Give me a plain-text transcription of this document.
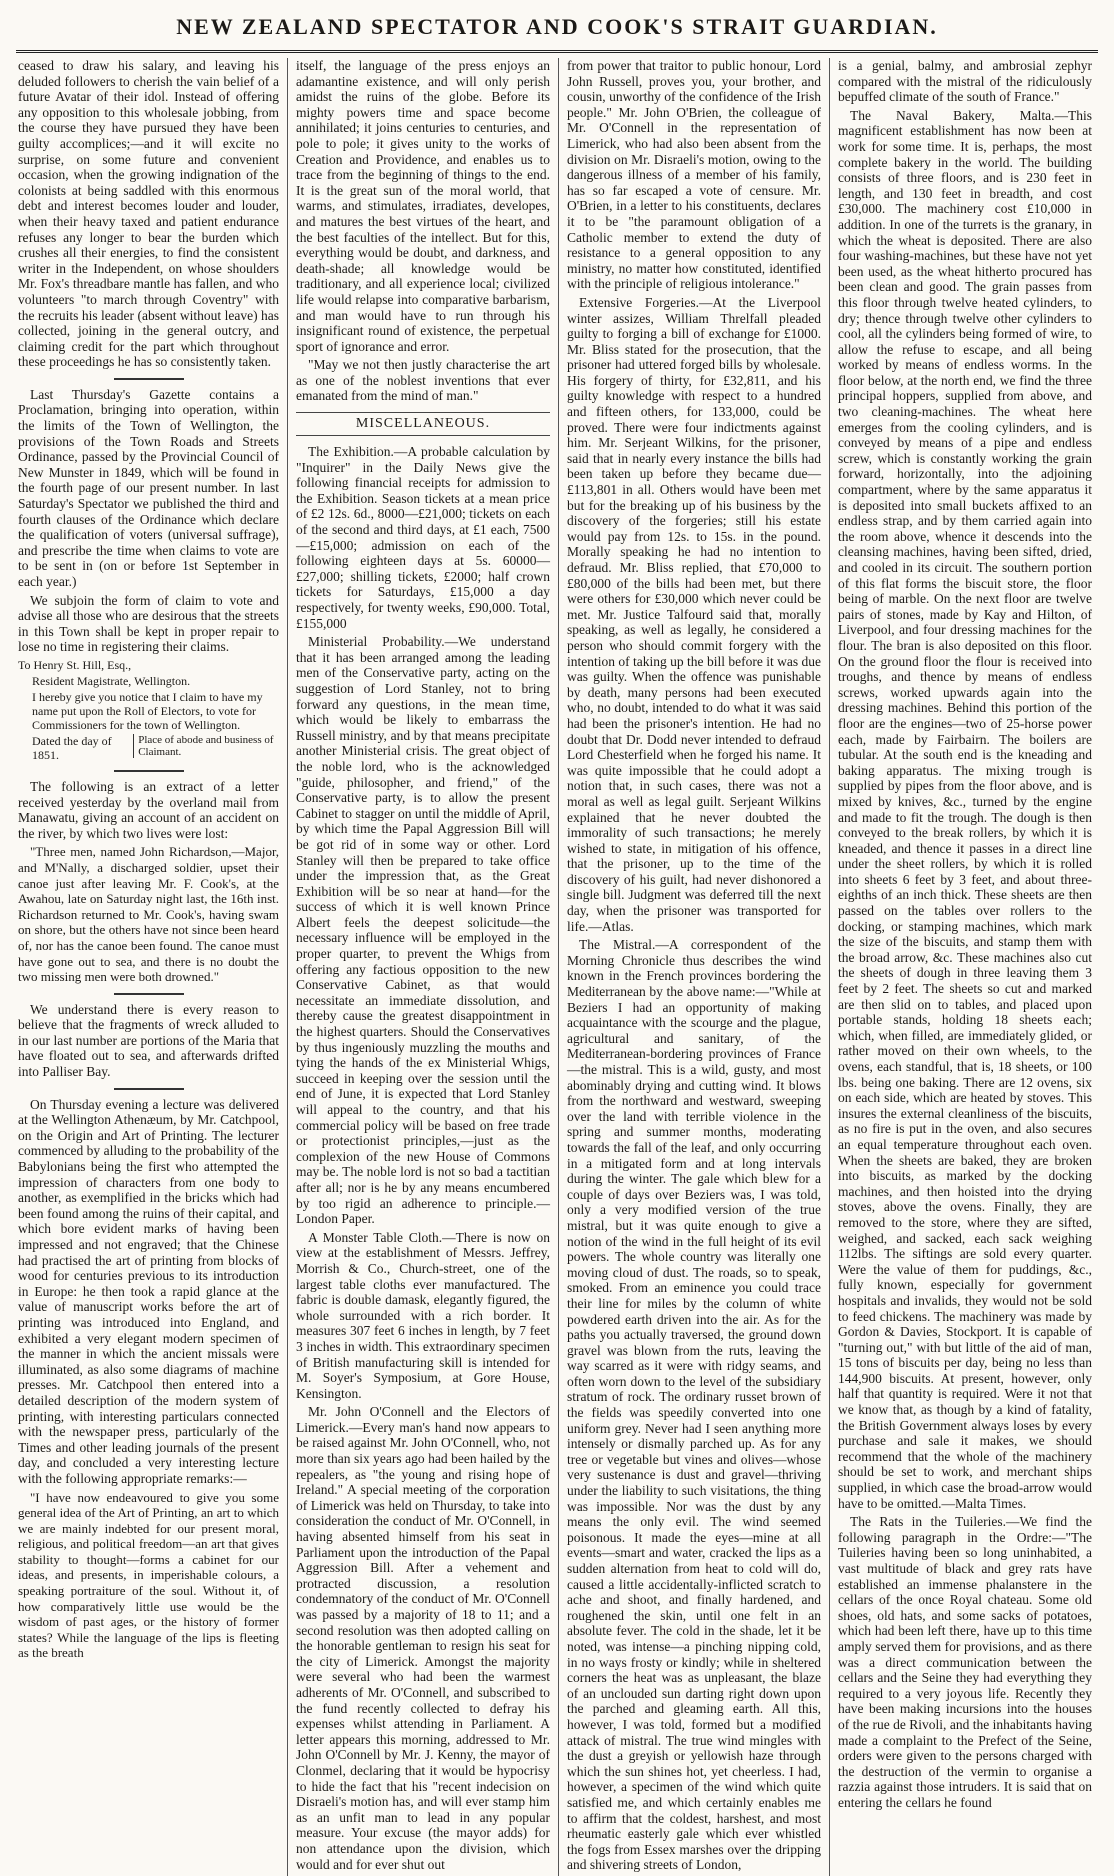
NEW ZEALAND SPECTATOR AND COOK'S STRAIT GUARDIAN.

ceased to draw his salary, and leaving his deluded followers to cherish the vain belief of a future Avatar of their idol. Instead of offering any opposition to this wholesale jobbing, from the course they have pursued they have been guilty accomplices;—and it will excite no surprise, on some future and convenient occasion, when the growing indignation of the colonists at being saddled with this enormous debt and interest becomes louder and louder, when their heavy taxed and patient endurance refuses any longer to bear the burden which crushes all their energies, to find the consistent writer in the Independent, on whose shoulders Mr. Fox's threadbare mantle has fallen, and who volunteers "to march through Coventry" with the recruits his leader (absent without leave) has collected, joining in the general outcry, and claiming credit for the part which throughout these proceedings he has so consistently taken.

Last Thursday's Gazette contains a Proclamation, bringing into operation, within the limits of the Town of Wellington, the provisions of the Town Roads and Streets Ordinance, passed by the Provincial Council of New Munster in 1849, which will be found in the fourth page of our present number. In last Saturday's Spectator we published the third and fourth clauses of the Ordinance which declare the qualification of voters (universal suffrage), and prescribe the time when claims to vote are to be sent in (on or before 1st September in each year.)

We subjoin the form of claim to vote and advise all those who are desirous that the streets in this Town shall be kept in proper repair to lose no time in registering their claims.

To Henry St. Hill, Esq.,
Resident Magistrate, Wellington.
I hereby give you notice that I claim to have my name put upon the Roll of Electors, to vote for Commissioners for the town of Wellington.
Dated the day of 1851.
Place of abode and business of Claimant.

The following is an extract of a letter received yesterday by the overland mail from Manawatu, giving an account of an accident on the river, by which two lives were lost:

"Three men, named John Richardson,—Major, and M'Nally, a discharged soldier, upset their canoe just after leaving Mr. F. Cook's, at the Awahou, late on Saturday night last, the 16th inst. Richardson returned to Mr. Cook's, having swam on shore, but the others have not since been heard of, nor has the canoe been found. The canoe must have gone out to sea, and there is no doubt the two missing men were both drowned."

We understand there is every reason to believe that the fragments of wreck alluded to in our last number are portions of the Maria that have floated out to sea, and afterwards drifted into Palliser Bay.

On Thursday evening a lecture was delivered at the Wellington Athenæum, by Mr. Catchpool, on the Origin and Art of Printing. The lecturer commenced by alluding to the probability of the Babylonians being the first who attempted the impression of characters from one body to another, as exemplified in the bricks which had been found among the ruins of their capital, and which bore evident marks of having been impressed and not engraved; that the Chinese had practised the art of printing from blocks of wood for centuries previous to its introduction in Europe: he then took a rapid glance at the value of manuscript works before the art of printing was introduced into England, and exhibited a very elegant modern specimen of the manner in which the ancient missals were illuminated, as also some diagrams of machine presses. Mr. Catchpool then entered into a detailed description of the modern system of printing, with interesting particulars connected with the newspaper press, particularly of the Times and other leading journals of the present day, and concluded a very interesting lecture with the following appropriate remarks:—

"I have now endeavoured to give you some general idea of the Art of Printing, an art to which we are mainly indebted for our present moral, religious, and political freedom—an art that gives stability to thought—forms a cabinet for our ideas, and presents, in imperishable colours, a speaking portraiture of the soul. Without it, of how comparatively little use would be the wisdom of past ages, or the history of former states? While the language of the lips is fleeting as the breath

itself, the language of the press enjoys an adamantine existence, and will only perish amidst the ruins of the globe. Before its mighty powers time and space become annihilated; it joins centuries to centuries, and pole to pole; it gives unity to the works of Creation and Providence, and enables us to trace from the beginning of things to the end. It is the great sun of the moral world, that warms, and stimulates, irradiates, developes, and matures the best virtues of the heart, and the best faculties of the intellect. But for this, everything would be doubt, and darkness, and death-shade; all knowledge would be traditionary, and all experience local; civilized life would relapse into comparative barbarism, and man would have to run through his insignificant round of existence, the perpetual sport of ignorance and error.

"May we not then justly characterise the art as one of the noblest inventions that ever emanated from the mind of man."

MISCELLANEOUS.

The Exhibition.—A probable calculation by "Inquirer" in the Daily News give the following financial receipts for admission to the Exhibition. Season tickets at a mean price of £2 12s. 6d., 8000—£21,000; tickets on each of the second and third days, at £1 each, 7500—£15,000; admission on each of the following eighteen days at 5s. 60000—£27,000; shilling tickets, £2000; half crown tickets for Saturdays, £15,000 a day respectively, for twenty weeks, £90,000. Total, £155,000

Ministerial Probability.—We understand that it has been arranged among the leading men of the Conservative party, acting on the suggestion of Lord Stanley, not to bring forward any questions, in the mean time, which would be likely to embarrass the Russell ministry, and by that means precipitate another Ministerial crisis. The great object of the noble lord, who is the acknowledged "guide, philosopher, and friend," of the Conservative party, is to allow the present Cabinet to stagger on until the middle of April, by which time the Papal Aggression Bill will be got rid of in some way or other. Lord Stanley will then be prepared to take office under the impression that, as the Great Exhibition will be so near at hand—for the success of which it is well known Prince Albert feels the deepest solicitude—the necessary influence will be employed in the proper quarter, to prevent the Whigs from offering any factious opposition to the new Conservative Cabinet, as that would necessitate an immediate dissolution, and thereby cause the greatest disappointment in the highest quarters. Should the Conservatives by thus ingeniously muzzling the mouths and tying the hands of the ex Ministerial Whigs, succeed in keeping over the session until the end of June, it is expected that Lord Stanley will appeal to the country, and that his commercial policy will be based on free trade or protectionist principles,—just as the complexion of the new House of Commons may be. The noble lord is not so bad a tactitian after all; nor is he by any means encumbered by too rigid an adherence to principle.—London Paper.

A Monster Table Cloth.—There is now on view at the establishment of Messrs. Jeffrey, Morrish & Co., Church-street, one of the largest table cloths ever manufactured. The fabric is double damask, elegantly figured, the whole surrounded with a rich border. It measures 307 feet 6 inches in length, by 7 feet 3 inches in width. This extraordinary specimen of British manufacturing skill is intended for M. Soyer's Symposium, at Gore House, Kensington.

Mr. John O'Connell and the Electors of Limerick.—Every man's hand now appears to be raised against Mr. John O'Connell, who, not more than six years ago had been hailed by the repealers, as "the young and rising hope of Ireland." A special meeting of the corporation of Limerick was held on Thursday, to take into consideration the conduct of Mr. O'Connell, in having absented himself from his seat in Parliament upon the introduction of the Papal Aggression Bill. After a vehement and protracted discussion, a resolution condemnatory of the conduct of Mr. O'Connell was passed by a majority of 18 to 11; and a second resolution was then adopted calling on the honorable gentleman to resign his seat for the city of Limerick. Amongst the majority were several who had been the warmest adherents of Mr. O'Connell, and subscribed to the fund recently collected to defray his expenses whilst attending in Parliament. A letter appears this morning, addressed to Mr. John O'Connell by Mr. J. Kenny, the mayor of Clonmel, declaring that it would be hypocrisy to hide the fact that his "recent indecision on Disraeli's motion has, and will ever stamp him as an unfit man to lead in any popular measure. Your excuse (the mayor adds) for non attendance upon the division, which would and for ever shut out

from power that traitor to public honour, Lord John Russell, proves you, your brother, and cousin, unworthy of the confidence of the Irish people." Mr. John O'Brien, the colleague of Mr. O'Connell in the representation of Limerick, who had also been absent from the division on Mr. Disraeli's motion, owing to the dangerous illness of a member of his family, has so far escaped a vote of censure. Mr. O'Brien, in a letter to his constituents, declares it to be "the paramount obligation of a Catholic member to extend the duty of resistance to a general opposition to any ministry, no matter how constituted, identified with the principle of religious intolerance."

Extensive Forgeries.—At the Liverpool winter assizes, William Threlfall pleaded guilty to forging a bill of exchange for £1000. Mr. Bliss stated for the prosecution, that the prisoner had uttered forged bills by wholesale. His forgery of thirty, for £32,811, and his guilty knowledge with respect to a hundred and fifteen others, for 133,000, could be proved. There were four indictments against him. Mr. Serjeant Wilkins, for the prisoner, said that in nearly every instance the bills had been taken up before they became due—£113,801 in all. Others would have been met but for the breaking up of his business by the discovery of the forgeries; still his estate would pay from 12s. to 15s. in the pound. Morally speaking he had no intention to defraud. Mr. Bliss replied, that £70,000 to £80,000 of the bills had been met, but there were others for £30,000 which never could be met. Mr. Justice Talfourd said that, morally speaking, as well as legally, he considered a person who should commit forgery with the intention of taking up the bill before it was due was guilty. When the offence was punishable by death, many persons had been executed who, no doubt, intended to do what it was said had been the prisoner's intention. He had no doubt that Dr. Dodd never intended to defraud Lord Chesterfield when he forged his name. It was quite impossible that he could adopt a notion that, in such cases, there was not a moral as well as legal guilt. Serjeant Wilkins explained that he never doubted the immorality of such transactions; he merely wished to state, in mitigation of his offence, that the prisoner, up to the time of the discovery of his guilt, had never dishonored a single bill. Judgment was deferred till the next day, when the prisoner was transported for life.—Atlas.

The Mistral.—A correspondent of the Morning Chronicle thus describes the wind known in the French provinces bordering the Mediterranean by the above name:—"While at Beziers I had an opportunity of making acquaintance with the scourge and the plague, agricultural and sanitary, of the Mediterranean-bordering provinces of France—the mistral. This is a wild, gusty, and most abominably drying and cutting wind. It blows from the northward and westward, sweeping over the land with terrible violence in the spring and summer months, moderating towards the fall of the leaf, and only occurring in a mitigated form and at long intervals during the winter. The gale which blew for a couple of days over Beziers was, I was told, only a very modified version of the true mistral, but it was quite enough to give a notion of the wind in the full height of its evil powers. The whole country was literally one moving cloud of dust. The roads, so to speak, smoked. From an eminence you could trace their line for miles by the column of white powdered earth driven into the air. As for the paths you actually traversed, the ground down gravel was blown from the ruts, leaving the way scarred as it were with ridgy seams, and often worn down to the level of the subsidiary stratum of rock. The ordinary russet brown of the fields was speedily converted into one uniform grey. Never had I seen anything more intensely or dismally parched up. As for any tree or vegetable but vines and olives—whose very sustenance is dust and gravel—thriving under the liability to such visitations, the thing was impossible. Nor was the dust by any means the only evil. The wind seemed poisonous. It made the eyes—mine at all events—smart and water, cracked the lips as a sudden alternation from heat to cold will do, caused a little accidentally-inflicted scratch to ache and shoot, and finally hardened, and roughened the skin, until one felt in an absolute fever. The cold in the shade, let it be noted, was intense—a pinching nipping cold, in no ways frosty or kindly; while in sheltered corners the heat was as unpleasant, the blaze of an unclouded sun darting right down upon the parched and gleaming earth. All this, however, I was told, formed but a modified attack of mistral. The true wind mingles with the dust a greyish or yellowish haze through which the sun shines hot, yet cheerless. I had, however, a specimen of the wind which quite satisfied me, and which certainly enables me to affirm that the coldest, harshest, and most rheumatic easterly gale which ever whistled the fogs from Essex marshes over the dripping and shivering streets of London,

is a genial, balmy, and ambrosial zephyr compared with the mistral of the ridiculously bepuffed climate of the south of France."

The Naval Bakery, Malta.—This magnificent establishment has now been at work for some time. It is, perhaps, the most complete bakery in the world. The building consists of three floors, and is 230 feet in length, and 130 feet in breadth, and cost £30,000. The machinery cost £10,000 in addition. In one of the turrets is the granary, in which the wheat is deposited. There are also four washing-machines, but these have not yet been used, as the wheat hitherto procured has been clean and good. The grain passes from this floor through twelve heated cylinders, to dry; thence through twelve other cylinders to cool, all the cylinders being formed of wire, to allow the refuse to escape, and all being worked by means of endless worms. In the floor below, at the north end, we find the three principal hoppers, supplied from above, and two cleaning-machines. The wheat here emerges from the cooling cylinders, and is conveyed by means of a pipe and endless screw, which is constantly working the grain forward, horizontally, into the adjoining compartment, where by the same apparatus it is deposited into small buckets affixed to an endless strap, and by them carried again into the room above, whence it descends into the cleansing machines, having been sifted, dried, and cooled in its circuit. The southern portion of this flat forms the biscuit store, the floor being of marble. On the next floor are twelve pairs of stones, made by Kay and Hilton, of Liverpool, and four dressing machines for the flour. The bran is also deposited on this floor. On the ground floor the flour is received into troughs, and thence by means of endless screws, worked upwards again into the dressing machines. Behind this portion of the floor are the engines—two of 25-horse power each, made by Fairbairn. The boilers are tubular. At the south end is the kneading and baking apparatus. The mixing trough is supplied by pipes from the floor above, and is mixed by knives, &c., turned by the engine and made to fit the trough. The dough is then conveyed to the break rollers, by which it is kneaded, and thence it passes in a direct line under the sheet rollers, by which it is rolled into sheets 6 feet by 3 feet, and about three-eighths of an inch thick. These sheets are then passed on the tables over rollers to the docking, or stamping machines, which mark the size of the biscuits, and stamp them with the broad arrow, &c. These machines also cut the sheets of dough in three leaving them 3 feet by 2 feet. The sheets so cut and marked are then slid on to tables, and placed upon portable stands, holding 18 sheets each; which, when filled, are immediately glided, or rather moved on their own wheels, to the ovens, each standful, that is, 18 sheets, or 100 lbs. being one baking. There are 12 ovens, six on each side, which are heated by stoves. This insures the external cleanliness of the biscuits, as no fire is put in the oven, and also secures an equal temperature throughout each oven. When the sheets are baked, they are broken into biscuits, as marked by the docking machines, and then hoisted into the drying stoves, above the ovens. Finally, they are removed to the store, where they are sifted, weighed, and sacked, each sack weighing 112lbs. The siftings are sold every quarter. Were the value of them for puddings, &c., fully known, especially for government hospitals and invalids, they would not be sold to feed chickens. The machinery was made by Gordon & Davies, Stockport. It is capable of "turning out," with but little of the aid of man, 15 tons of biscuits per day, being no less than 144,900 biscuits. At present, however, only half that quantity is required. Were it not that we know that, as though by a kind of fatality, the British Government always loses by every purchase and sale it makes, we should recommend that the whole of the machinery should be set to work, and merchant ships supplied, in which case the broad-arrow would have to be omitted.—Malta Times.

The Rats in the Tuileries.—We find the following paragraph in the Ordre:—"The Tuileries having been so long uninhabited, a vast multitude of black and grey rats have established an immense phalanstere in the cellars of the once Royal chateau. Some old shoes, old hats, and some sacks of potatoes, which had been left there, have up to this time amply served them for provisions, and as there was a direct communication between the cellars and the Seine they had everything they required to a very joyous life. Recently they have been making incursions into the houses of the rue de Rivoli, and the inhabitants having made a complaint to the Prefect of the Seine, orders were given to the persons charged with the destruction of the vermin to organise a razzia against those intruders. It is said that on entering the cellars he found
